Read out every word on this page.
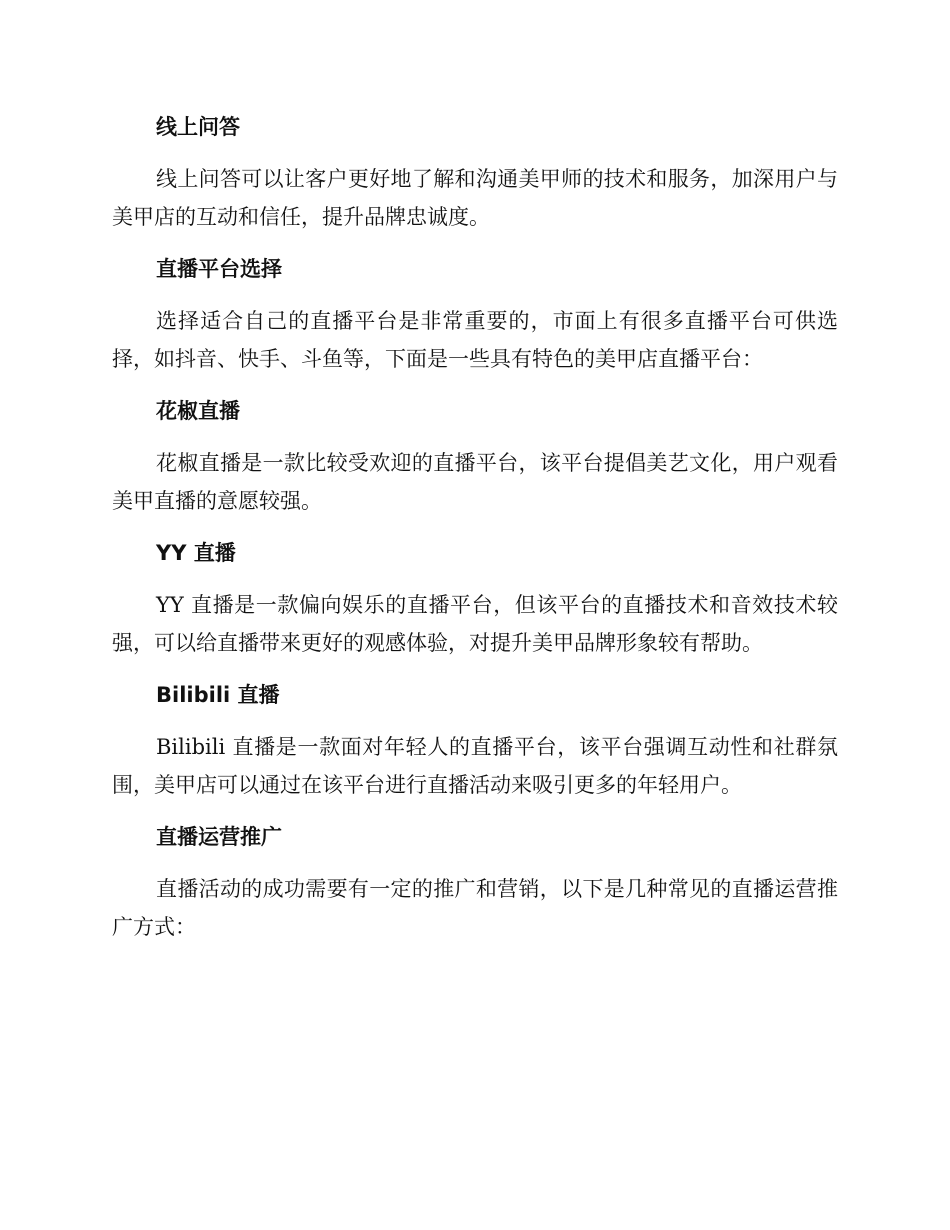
线上问答

线上问答可以让客户更好地了解和沟通美甲师的技术和服务，加深用户与美甲店的互动和信任，提升品牌忠诚度。

直播平台选择

选择适合自己的直播平台是非常重要的，市面上有很多直播平台可供选择，如抖音、快手、斗鱼等，下面是一些具有特色的美甲店直播平台：

花椒直播

花椒直播是一款比较受欢迎的直播平台，该平台提倡美艺文化，用户观看美甲直播的意愿较强。

YY 直播

YY 直播是一款偏向娱乐的直播平台，但该平台的直播技术和音效技术较强，可以给直播带来更好的观感体验，对提升美甲品牌形象较有帮助。

Bilibili 直播

Bilibili 直播是一款面对年轻人的直播平台，该平台强调互动性和社群氛围，美甲店可以通过在该平台进行直播活动来吸引更多的年轻用户。

直播运营推广

直播活动的成功需要有一定的推广和营销，以下是几种常见的直播运营推广方式：
